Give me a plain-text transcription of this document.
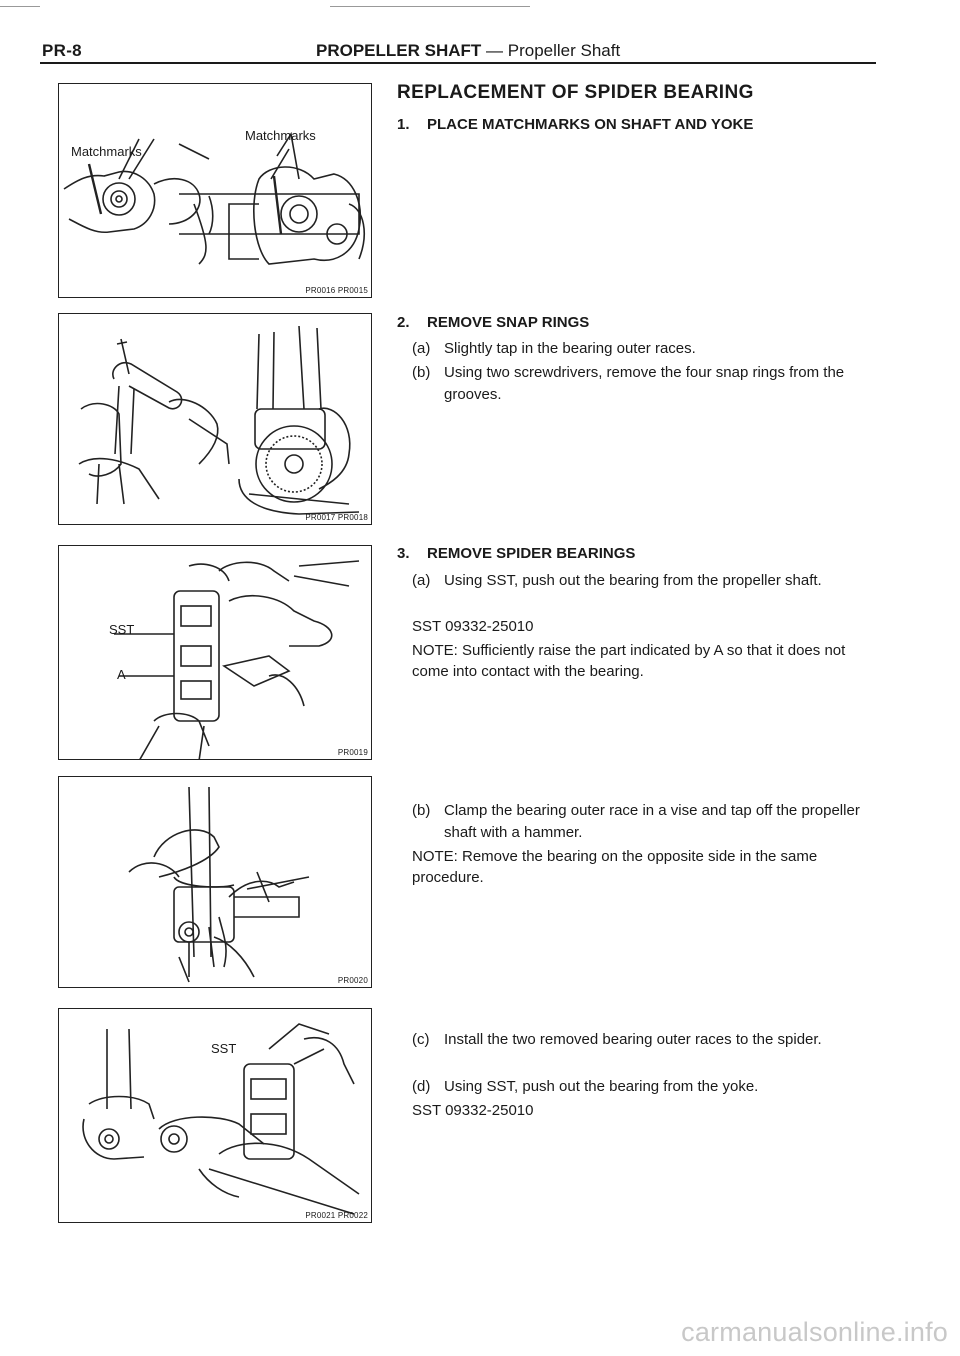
PR-8	PROPELLER SHAFT — Propeller Shaft
Matchmarks
Matchmarks
PR0016 PR0015
PR0017 PR0018
SST
A
PR0019
PR0020
SST
PR0021 PR0022
REPLACEMENT OF SPIDER BEARING
1. PLACE MATCHMARKS ON SHAFT AND YOKE
2. REMOVE SNAP RINGS
(a) Slightly tap in the bearing outer races.
(b) Using two screwdrivers, remove the four snap rings from the grooves.
3. REMOVE SPIDER BEARINGS
(a) Using SST, push out the bearing from the propeller shaft.
SST 09332-25010
NOTE: Sufficiently raise the part indicated by A so that it does not come into contact with the bearing.
(b) Clamp the bearing outer race in a vise and tap off the propeller shaft with a hammer.
NOTE: Remove the bearing on the opposite side in the same procedure.
(c) Install the two removed bearing outer races to the spider.
(d) Using SST, push out the bearing from the yoke.
SST 09332-25010
carmanualsonline.info
